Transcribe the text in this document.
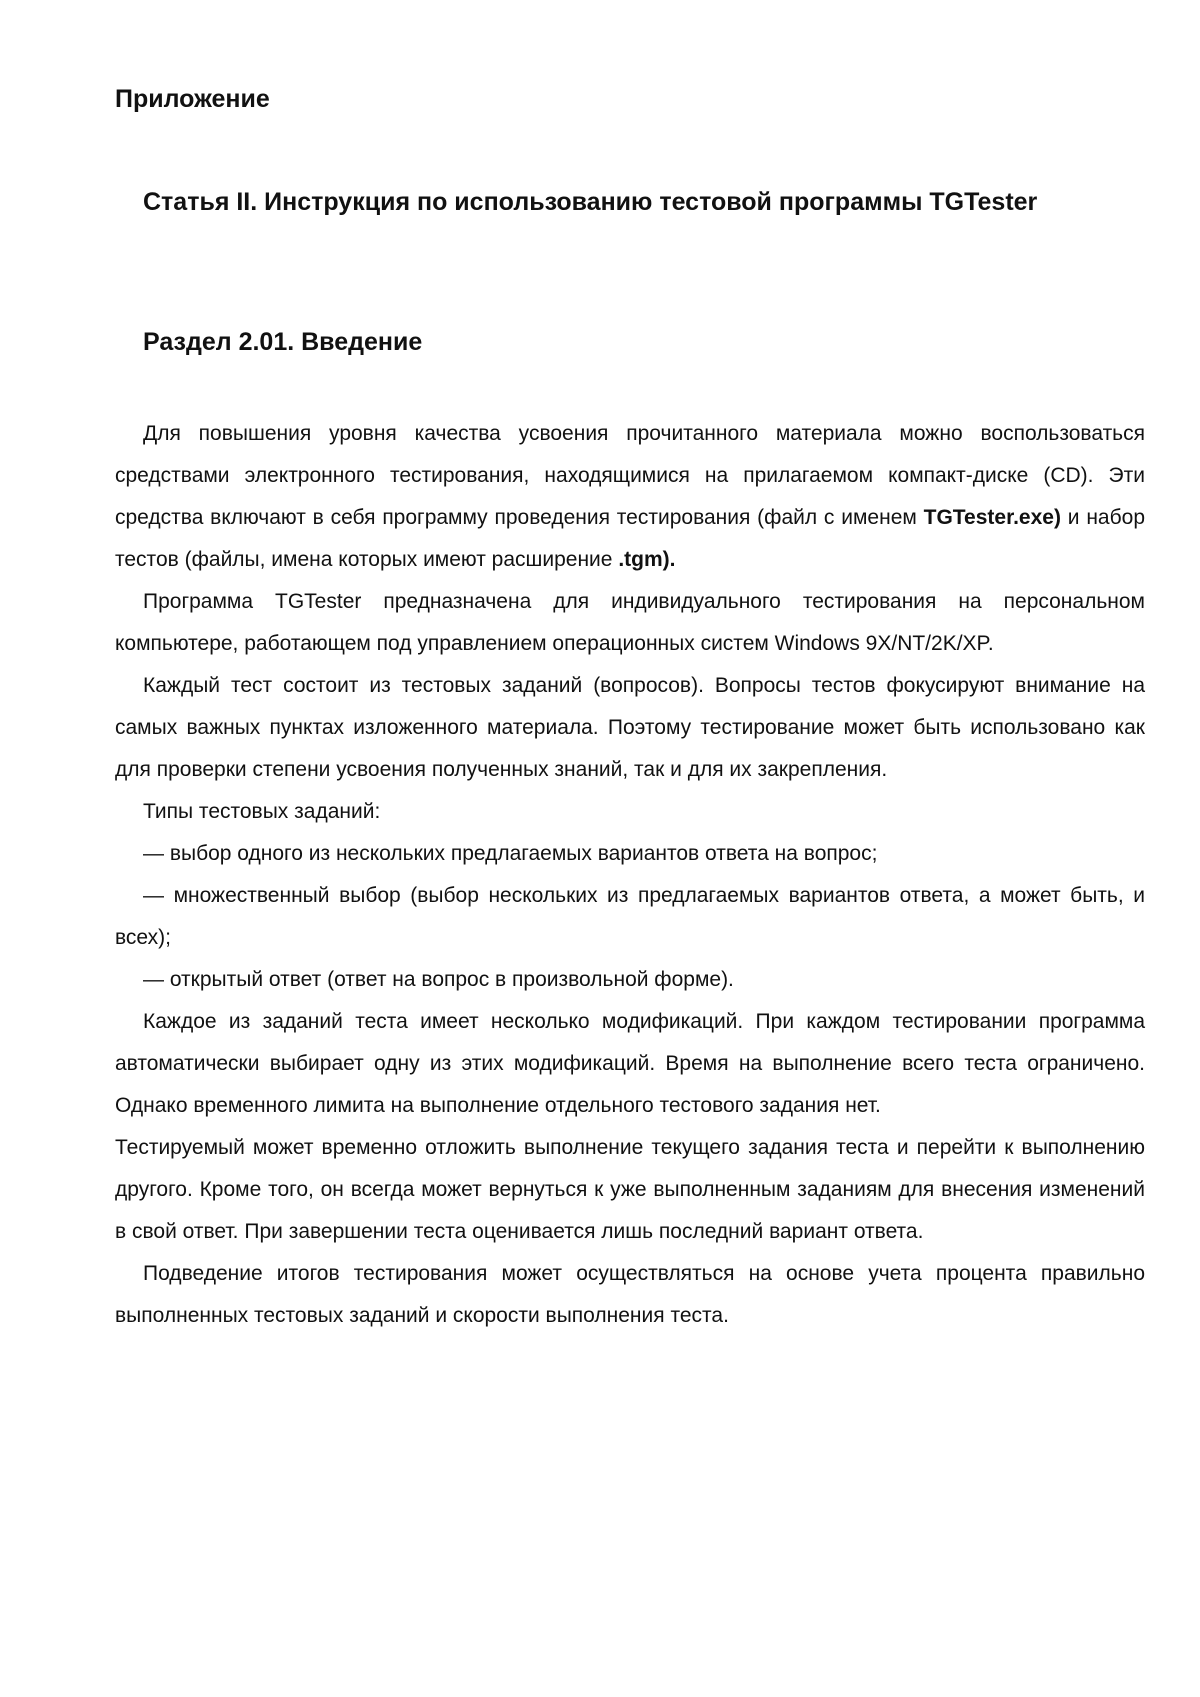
Приложение
Статья II. Инструкция по использованию тестовой программы TGTester
Раздел 2.01. Введение

Для повышения уровня качества усвоения прочитанного материала можно воспользоваться средствами электронного тестирования, находящимися на прилагаемом компакт-диске (CD). Эти средства включают в себя программу проведения тестирования (файл с именем TGTester.exe) и набор тестов (файлы, имена которых имеют расширение .tgm).

Программа TGTester предназначена для индивидуального тестирования на персональном компьютере, работающем под управлением операционных систем Windows 9X/NT/2K/XP.

Каждый тест состоит из тестовых заданий (вопросов). Вопросы тестов фокусируют внимание на самых важных пунктах изложенного материала. Поэтому тестирование может быть использовано как для проверки степени усвоения полученных знаний, так и для их закрепления.

Типы тестовых заданий:

— выбор одного из нескольких предлагаемых вариантов ответа на вопрос;

— множественный выбор (выбор нескольких из предлагаемых вариантов ответа, а может быть, и всех);

— открытый ответ (ответ на вопрос в произвольной форме).

Каждое из заданий теста имеет несколько модификаций. При каждом тестировании программа автоматически выбирает одну из этих модификаций. Время на выполнение всего теста ограничено. Однако временного лимита на выполнение отдельного тестового задания нет.

Тестируемый может временно отложить выполнение текущего задания теста и перейти к выполнению другого. Кроме того, он всегда может вернуться к уже выполненным заданиям для внесения изменений в свой ответ. При завершении теста оценивается лишь последний вариант ответа.

Подведение итогов тестирования может осуществляться на основе учета процента правильно выполненных тестовых заданий и скорости выполнения теста.
